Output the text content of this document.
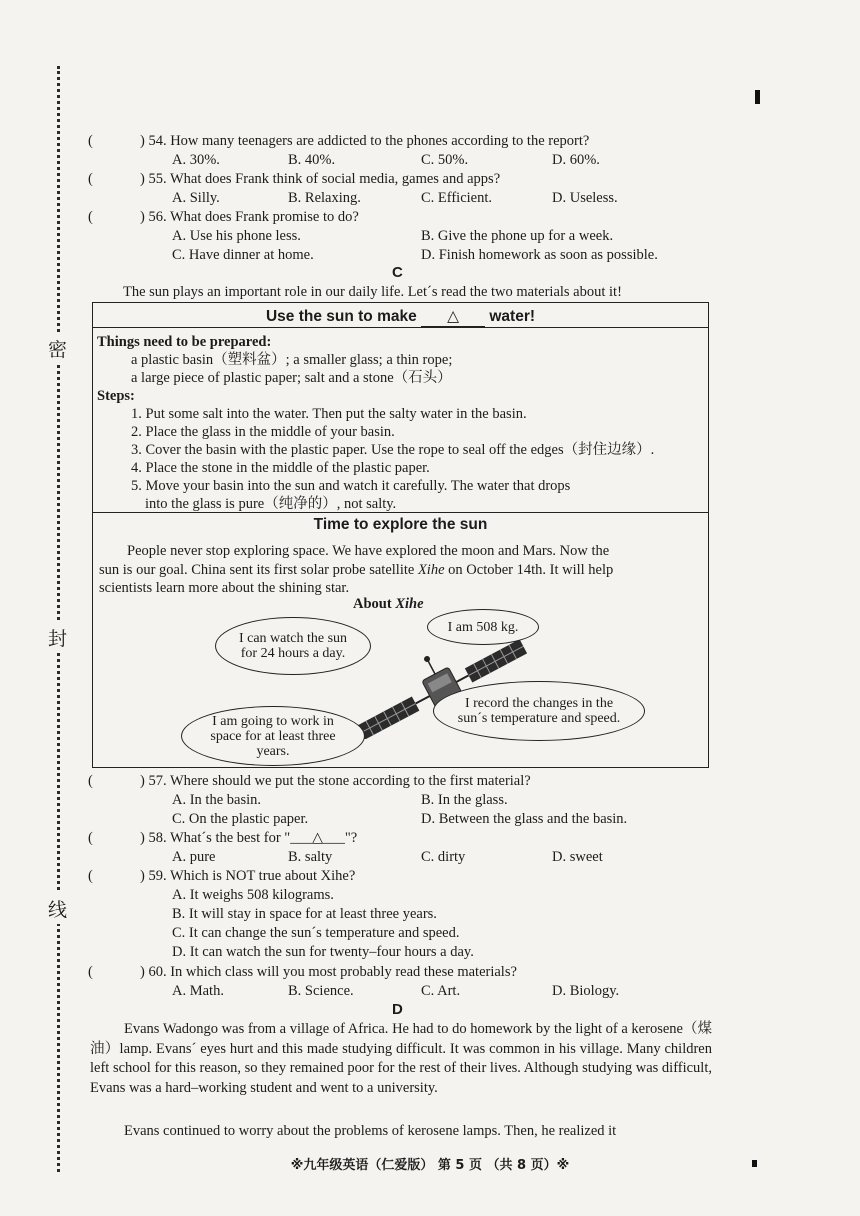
密
封
线
(	) 54. How many teenagers are addicted to the phones according to the report?
A. 30%.	B. 40%.	C. 50%.	D. 60%.
(	) 55. What does Frank think of social media, games and apps?
A. Silly.	B. Relaxing.	C. Efficient.	D. Useless.
(	) 56. What does Frank promise to do?
A. Use his phone less.	B. Give the phone up for a week.
C. Have dinner at home.	D. Finish homework as soon as possible.
C
The sun plays an important role in our daily life. Let´s read the two materials about it!
Use the sun to make △ water!
Things need to be prepared:
a plastic basin（塑料盆）; a smaller glass; a thin rope;
a large piece of plastic paper; salt and a stone（石头）
Steps:
1. Put some salt into the water. Then put the salty water in the basin.
2. Place the glass in the middle of your basin.
3. Cover the basin with the plastic paper. Use the rope to seal off the edges（封住边缘）.
4. Place the stone in the middle of the plastic paper.
5. Move your basin into the sun and watch it carefully. The water that drops
into the glass is pure（纯净的）, not salty.
Time to explore the sun
People never stop exploring space. We have explored the moon and Mars. Now the
sun is our goal. China sent its first solar probe satellite Xihe on October 14th. It will help
scientists learn more about the shining star.
About Xihe
I can watch the sun for 24 hours a day.
I am 508 kg.
I record the changes in the sun´s temperature and speed.
I am going to work in space for at least three years.
(	) 57. Where should we put the stone according to the first material?
A. In the basin.	B. In the glass.
C. On the plastic paper.	D. Between the glass and the basin.
(	) 58. What´s the best for "___△___"?
A. pure	B. salty	C. dirty	D. sweet
(	) 59. Which is NOT true about Xihe?
A. It weighs 508 kilograms.
B. It will stay in space for at least three years.
C. It can change the sun´s temperature and speed.
D. It can watch the sun for twenty–four hours a day.
(	) 60. In which class will you most probably read these materials?
A. Math.	B. Science.	C. Art.	D. Biology.
D
Evans Wadongo was from a village of Africa. He had to do homework by the light of a kerosene（煤油）lamp. Evans´ eyes hurt and this made studying difficult. It was common in his village. Many children left school for this reason, so they remained poor for the rest of their lives. Although studying was difficult, Evans was a hard–working student and went to a university.
Evans continued to worry about the problems of kerosene lamps. Then, he realized it
※九年级英语（仁爱版） 第 5 页 （共 8 页）※
